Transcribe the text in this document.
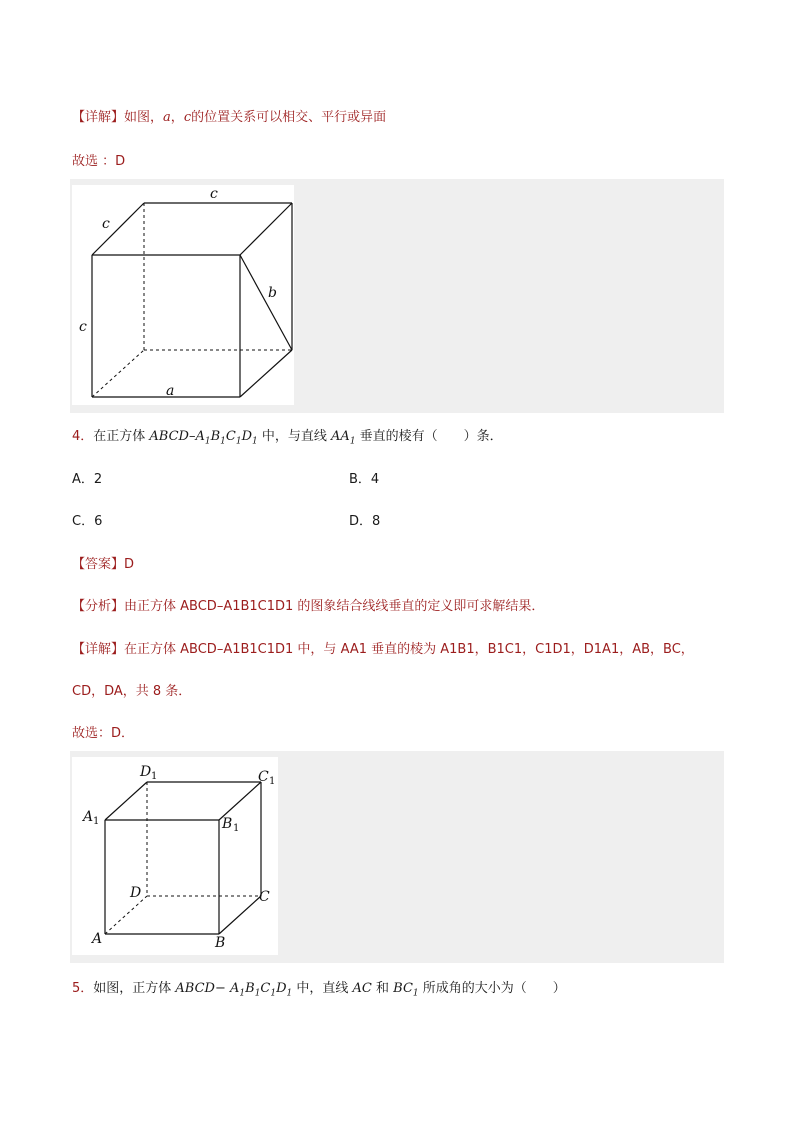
【详解】如图，a，c的位置关系可以相交、平行或异面
故选 ：D
c
c
c
b
a
4．在正方体 ABCD–$A_1B_1C_1D_1$ 中，与直线 $AA_1$ 垂直的棱有（　　）条．
A．2	B．4
C．6	D．8
【答案】D
【分析】由正方体 ABCD–A1B1C1D1 的图象结合线线垂直的定义即可求解结果．
【详解】在正方体 ABCD–A1B1C1D1 中，与 AA1 垂直的棱为 A1B1，B1C1，C1D1，D1A1，AB，BC，
CD，DA，共 8 条．
故选：D．
D 1	C 1
A 1	B 1
D	C
A	B
5．如图，正方体 ABCD− $A_1B_1C_1D_1$ 中，直线 AC 和 $BC_1$ 所成角的大小为（　　）
